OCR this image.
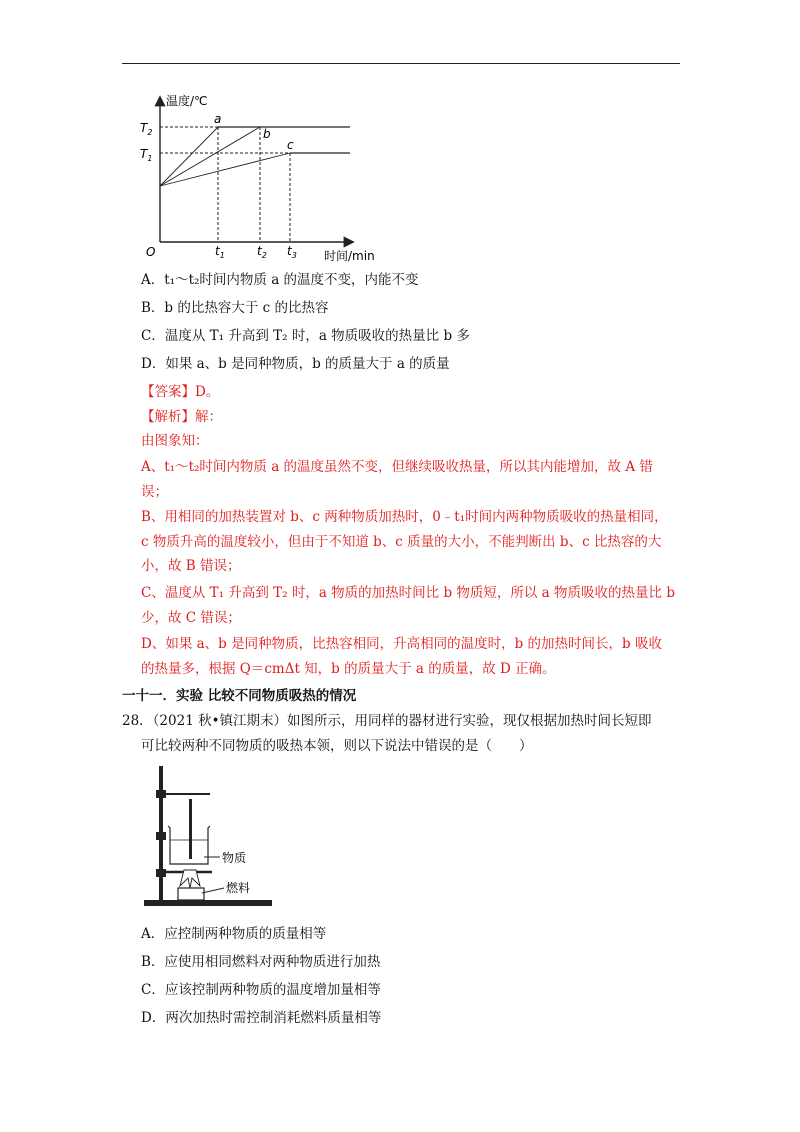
温度/℃
时间/min
O
$T_2$
$T_1$
$t_1$	$t_2$ $t_3$
a
b
c
A．t₁～t₂时间内物质 a 的温度不变，内能不变
B．b 的比热容大于 c 的比热容
C．温度从 T₁ 升高到 T₂ 时，a 物质吸收的热量比 b 多
D．如果 a、b 是同种物质，b 的质量大于 a 的质量
【答案】D。
【解析】解：
由图象知：
A、t₁～t₂时间内物质 a 的温度虽然不变，但继续吸收热量，所以其内能增加，故 A 错
误；
B、用相同的加热装置对 b、c 两种物质加热时，0﹣t₁时间内两种物质吸收的热量相同，
c 物质升高的温度较小，但由于不知道 b、c 质量的大小，不能判断出 b、c 比热容的大
小，故 B 错误；
C、温度从 T₁ 升高到 T₂ 时，a 物质的加热时间比 b 物质短，所以 a 物质吸收的热量比 b
少，故 C 错误；
D、如果 a、b 是同种物质，比热容相同，升高相同的温度时，b 的加热时间长，b 吸收
的热量多，根据 Q＝cmΔt 知，b 的质量大于 a 的质量，故 D 正确。
一十一．实验 比较不同物质吸热的情况
28．（2021 秋•镇江期末）如图所示，用同样的器材进行实验，现仅根据加热时间长短即
可比较两种不同物质的吸热本领，则以下说法中错误的是（　　）
物质
燃料
A．应控制两种物质的质量相等
B．应使用相同燃料对两种物质进行加热
C．应该控制两种物质的温度增加量相等
D．两次加热时需控制消耗燃料质量相等
